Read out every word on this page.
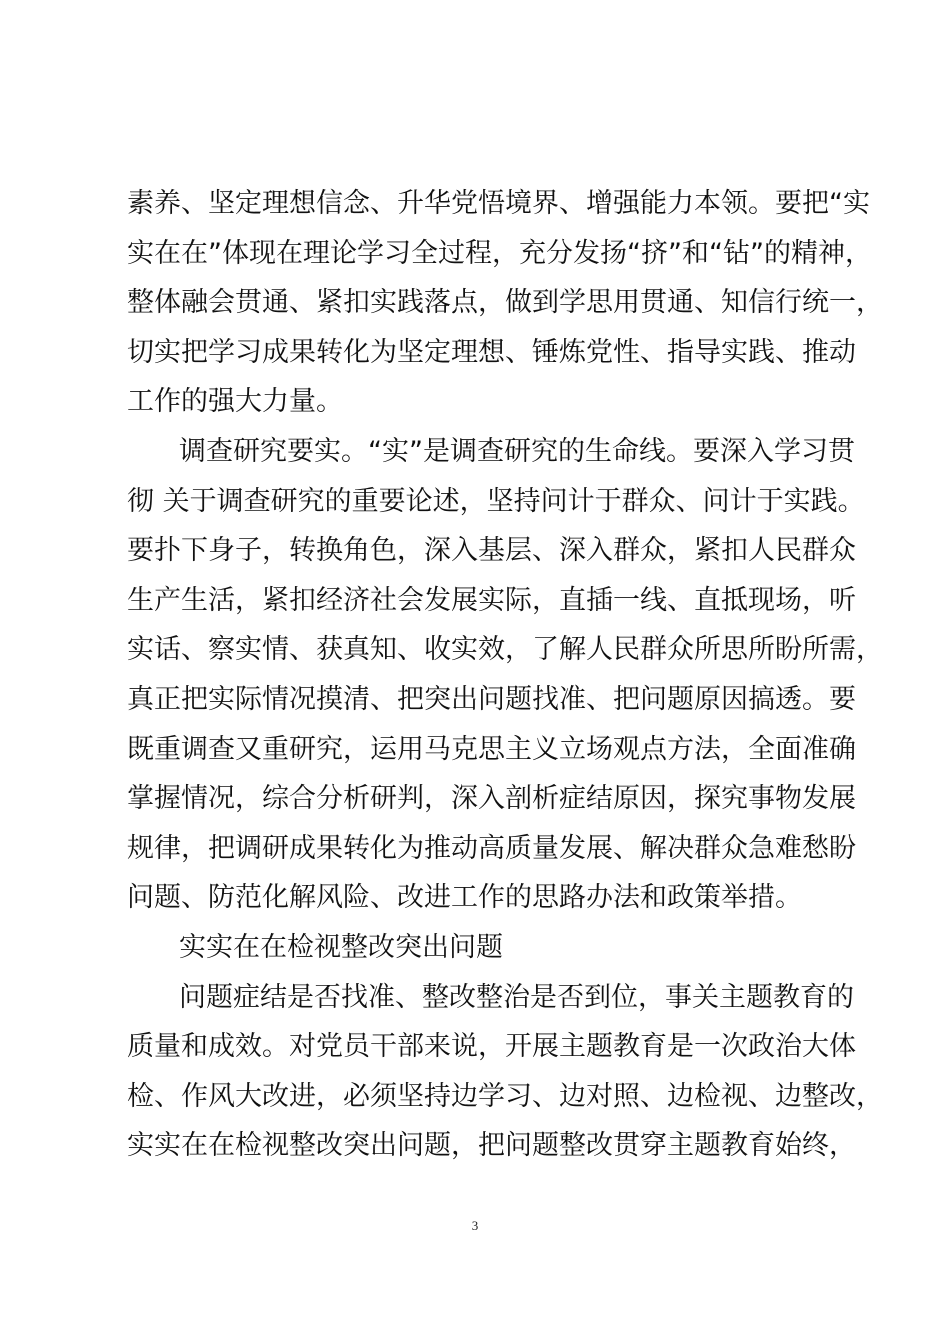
素养、坚定理想信念、升华党悟境界、增强能力本领。要把“实
实在在”体现在理论学习全过程，充分发扬“挤”和“钻”的精神，
整体融会贯通、紧扣实践落点，做到学思用贯通、知信行统一，
切实把学习成果转化为坚定理想、锤炼党性、指导实践、推动
工作的强大力量。
调查研究要实。“实”是调查研究的生命线。要深入学习贯
彻 关于调查研究的重要论述，坚持问计于群众、问计于实践。
要扑下身子，转换角色，深入基层、深入群众，紧扣人民群众
生产生活，紧扣经济社会发展实际，直插一线、直抵现场，听
实话、察实情、获真知、收实效，了解人民群众所思所盼所需，
真正把实际情况摸清、把突出问题找准、把问题原因搞透。要
既重调查又重研究，运用马克思主义立场观点方法，全面准确
掌握情况，综合分析研判，深入剖析症结原因，探究事物发展
规律，把调研成果转化为推动高质量发展、解决群众急难愁盼
问题、防范化解风险、改进工作的思路办法和政策举措。
实实在在检视整改突出问题
问题症结是否找准、整改整治是否到位，事关主题教育的
质量和成效。对党员干部来说，开展主题教育是一次政治大体
检、作风大改进，必须坚持边学习、边对照、边检视、边整改，
实实在在检视整改突出问题，把问题整改贯穿主题教育始终，
3
